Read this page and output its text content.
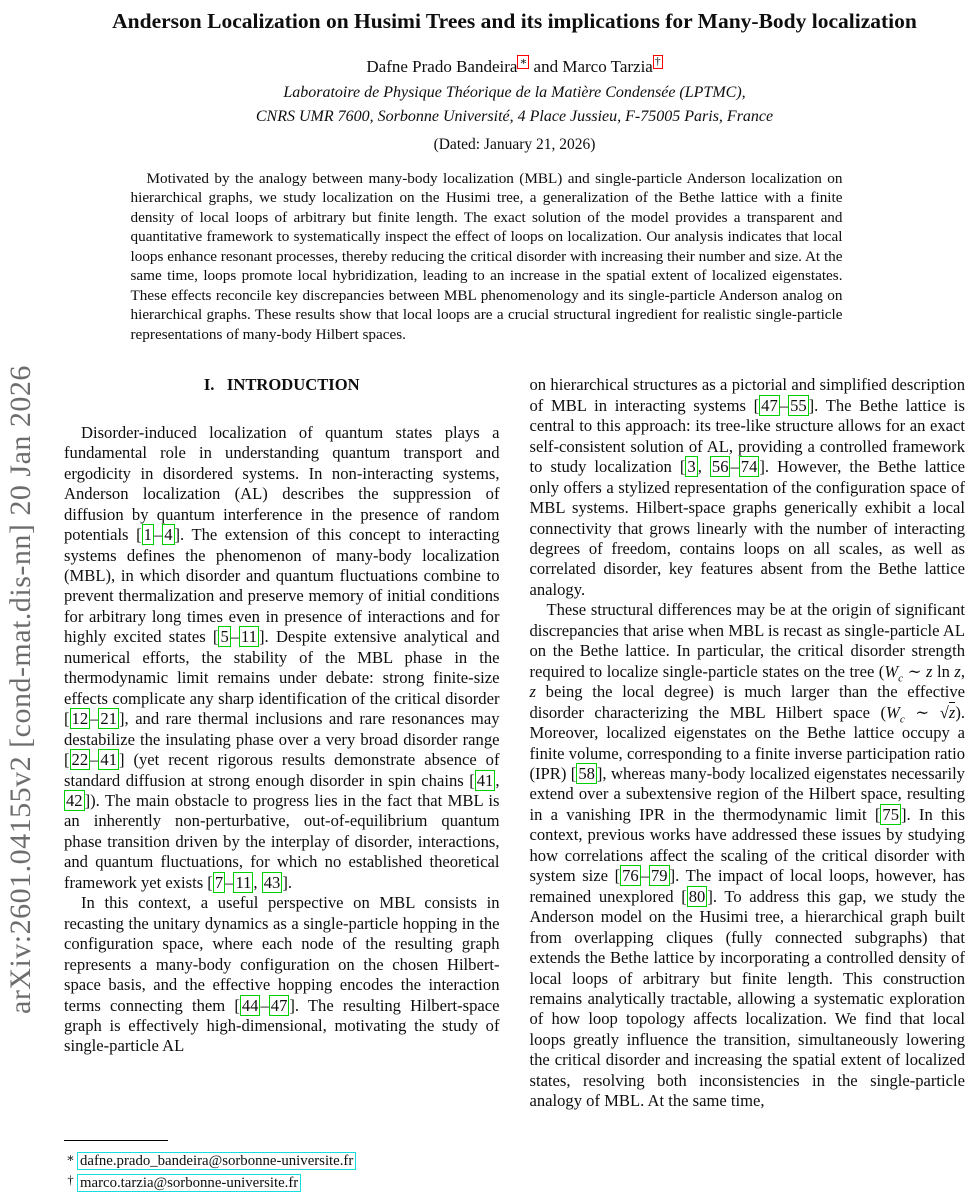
arXiv:2601.04155v2 [cond-mat.dis-nn] 20 Jan 2026
Anderson Localization on Husimi Trees and its implications for Many-Body localization
Dafne Prado Bandeira ∗ and Marco Tarzia †
Laboratoire de Physique Théorique de la Matière Condensée (LPTMC),
CNRS UMR 7600, Sorbonne Université, 4 Place Jussieu, F-75005 Paris, France
(Dated: January 21, 2026)

Motivated by the analogy between many-body localization (MBL) and single-particle Anderson localization on hierarchical graphs, we study localization on the Husimi tree, a generalization of the Bethe lattice with a finite density of local loops of arbitrary but finite length. The exact solution of the model provides a transparent and quantitative framework to systematically inspect the effect of loops on localization. Our analysis indicates that local loops enhance resonant processes, thereby reducing the critical disorder with increasing their number and size. At the same time, loops promote local hybridization, leading to an increase in the spatial extent of localized eigenstates. These effects reconcile key discrepancies between MBL phenomenology and its single-particle Anderson analog on hierarchical graphs. These results show that local loops are a crucial structural ingredient for realistic single-particle representations of many-body Hilbert spaces.

I.   INTRODUCTION

Disorder-induced localization of quantum states plays a fundamental role in understanding quantum transport and ergodicity in disordered systems. In non-interacting systems, Anderson localization (AL) describes the suppression of diffusion by quantum interference in the presence of random potentials [ 1 – 4 ]. The extension of this concept to interacting systems defines the phenomenon of many-body localization (MBL), in which disorder and quantum fluctuations combine to prevent thermalization and preserve memory of initial conditions for arbitrary long times even in presence of interactions and for highly excited states [ 5 – 11 ]. Despite extensive analytical and numerical efforts, the stability of the MBL phase in the thermodynamic limit remains under debate: strong finite-size effects complicate any sharp identification of the critical disorder [ 12 – 21 ], and rare thermal inclusions and rare resonances may destabilize the insulating phase over a very broad disorder range [ 22 – 41 ] (yet recent rigorous results demonstrate absence of standard diffusion at strong enough disorder in spin chains [ 41 , 42 ]). The main obstacle to progress lies in the fact that MBL is an inherently non-perturbative, out-of-equilibrium quantum phase transition driven by the interplay of disorder, interactions, and quantum fluctuations, for which no established theoretical framework yet exists [ 7 – 11 , 43 ].

In this context, a useful perspective on MBL consists in recasting the unitary dynamics as a single-particle hopping in the configuration space, where each node of the resulting graph represents a many-body configuration on the chosen Hilbert-space basis, and the effective hopping encodes the interaction terms connecting them [ 44 – 47 ]. The resulting Hilbert-space graph is effectively high-dimensional, motivating the study of single-particle AL

∗ dafne.prado_bandeira@sorbonne-universite.fr
† marco.tarzia@sorbonne-universite.fr

on hierarchical structures as a pictorial and simplified description of MBL in interacting systems [ 47 – 55 ]. The Bethe lattice is central to this approach: its tree-like structure allows for an exact self-consistent solution of AL, providing a controlled framework to study localization [ 3 , 56 – 74 ]. However, the Bethe lattice only offers a stylized representation of the configuration space of MBL systems. Hilbert-space graphs generically exhibit a local connectivity that grows linearly with the number of interacting degrees of freedom, contains loops on all scales, as well as correlated disorder, key features absent from the Bethe lattice analogy.

These structural differences may be at the origin of significant discrepancies that arise when MBL is recast as single-particle AL on the Bethe lattice. In particular, the critical disorder strength required to localize single-particle states on the tree ($W_c$ ∼ z ln z, z being the local degree) is much larger than the effective disorder characterizing the MBL Hilbert space ($W_c$ ∼ √z). Moreover, localized eigenstates on the Bethe lattice occupy a finite volume, corresponding to a finite inverse participation ratio (IPR) [ 58 ], whereas many-body localized eigenstates necessarily extend over a subextensive region of the Hilbert space, resulting in a vanishing IPR in the thermodynamic limit [ 75 ]. In this context, previous works have addressed these issues by studying how correlations affect the scaling of the critical disorder with system size [ 76 – 79 ]. The impact of local loops, however, has remained unexplored [ 80 ]. To address this gap, we study the Anderson model on the Husimi tree, a hierarchical graph built from overlapping cliques (fully connected subgraphs) that extends the Bethe lattice by incorporating a controlled density of local loops of arbitrary but finite length. This construction remains analytically tractable, allowing a systematic exploration of how loop topology affects localization. We find that local loops greatly influence the transition, simultaneously lowering the critical disorder and increasing the spatial extent of localized states, resolving both inconsistencies in the single-particle analogy of MBL. At the same time,
